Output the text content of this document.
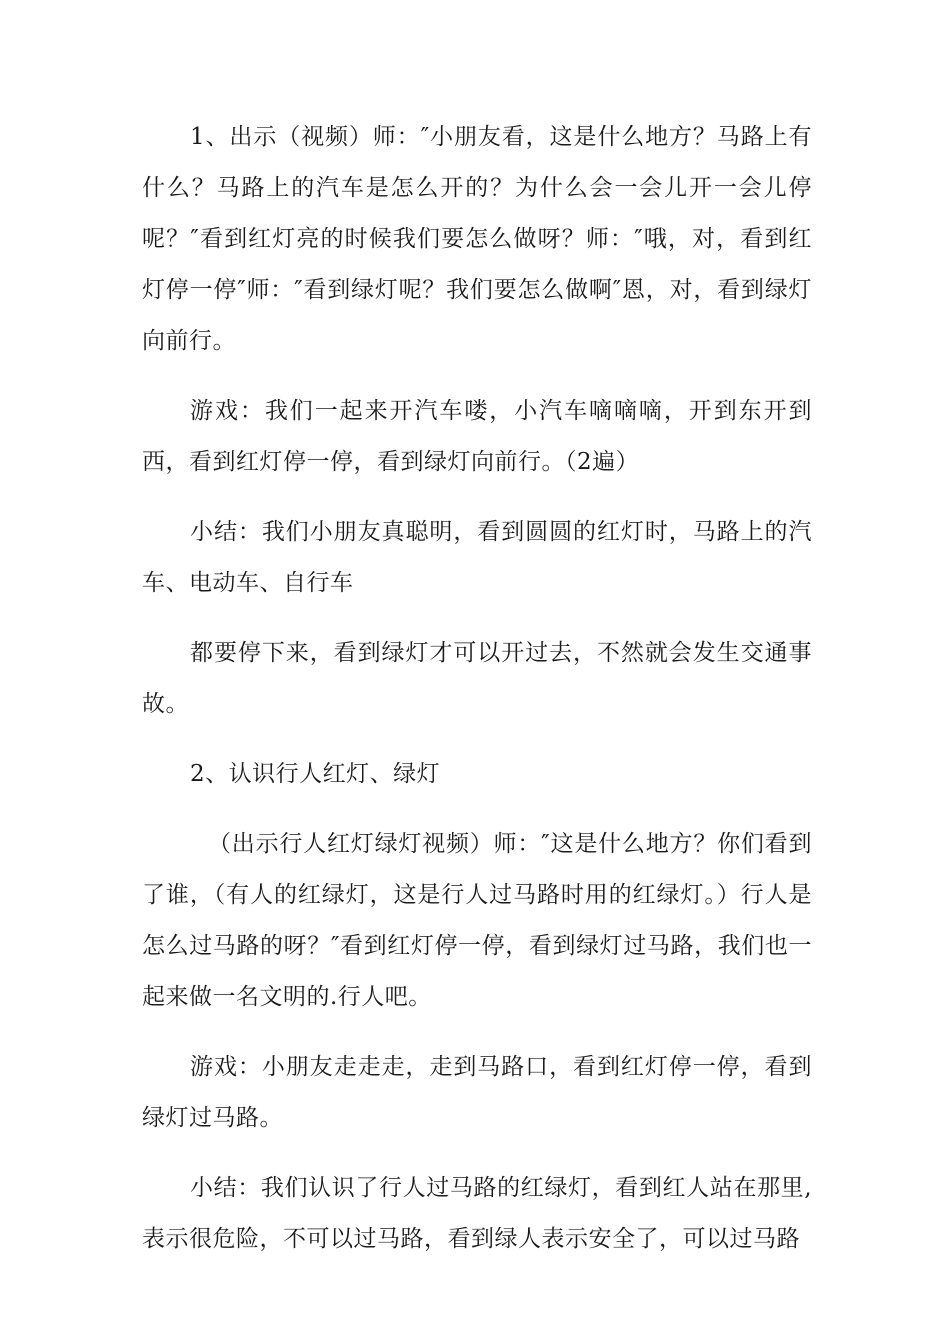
1、出示（视频）师：″小朋友看，这是什么地方？马路上有什么？马路上的汽车是怎么开的？为什么会一会儿开一会儿停呢？″看到红灯亮的时候我们要怎么做呀？师：″哦，对，看到红灯停一停″师：″看到绿灯呢？我们要怎么做啊″恩，对，看到绿灯向前行。

游戏：我们一起来开汽车喽，小汽车嘀嘀嘀，开到东开到西，看到红灯停一停，看到绿灯向前行。（2遍）

小结：我们小朋友真聪明，看到圆圆的红灯时，马路上的汽车、电动车、自行车

都要停下来，看到绿灯才可以开过去，不然就会发生交通事故。

2、认识行人红灯、绿灯

（出示行人红灯绿灯视频）师：″这是什么地方？你们看到了谁，（有人的红绿灯，这是行人过马路时用的红绿灯。）行人是怎么过马路的呀？″看到红灯停一停，看到绿灯过马路，我们也一起来做一名文明的.行人吧。

游戏：小朋友走走走，走到马路口，看到红灯停一停，看到绿灯过马路。

小结：我们认识了行人过马路的红绿灯，看到红人站在那里,表示很危险，不可以过马路，看到绿人表示安全了，可以过马路
